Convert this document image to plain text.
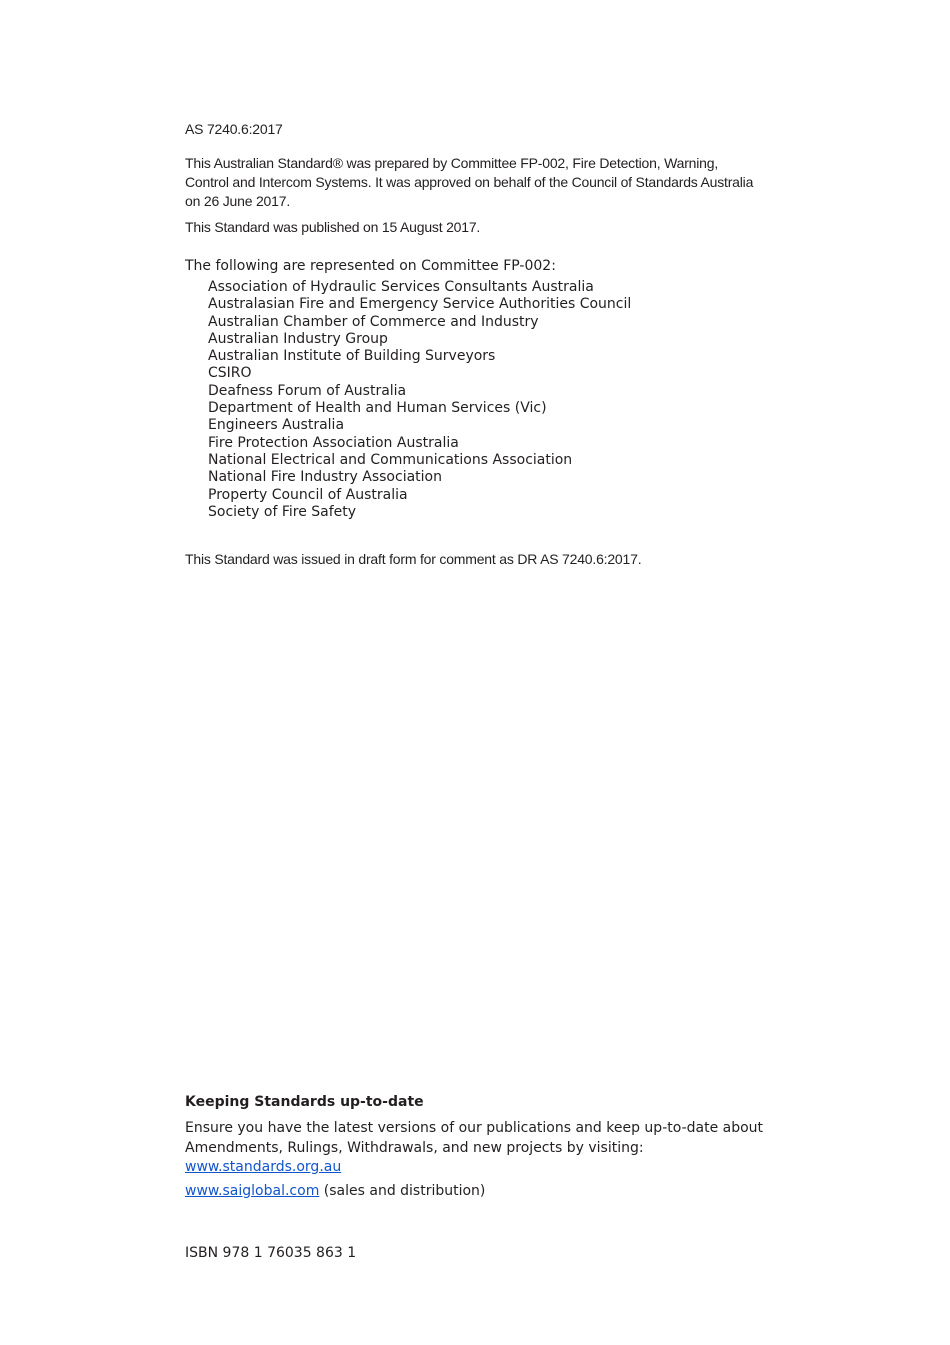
AS 7240.6:2017
This Australian Standard® was prepared by Committee FP-002, Fire Detection, Warning, Control and Intercom Systems. It was approved on behalf of the Council of Standards Australia on 26 June 2017.
This Standard was published on 15 August 2017.
The following are represented on Committee FP-002:
Association of Hydraulic Services Consultants Australia
Australasian Fire and Emergency Service Authorities Council
Australian Chamber of Commerce and Industry
Australian Industry Group
Australian Institute of Building Surveyors
CSIRO
Deafness Forum of Australia
Department of Health and Human Services (Vic)
Engineers Australia
Fire Protection Association Australia
National Electrical and Communications Association
National Fire Industry Association
Property Council of Australia
Society of Fire Safety
This Standard was issued in draft form for comment as DR AS 7240.6:2017.
Keeping Standards up-to-date
Ensure you have the latest versions of our publications and keep up-to-date about Amendments, Rulings, Withdrawals, and new projects by visiting:
www.standards.org.au
www.saiglobal.com (sales and distribution)
ISBN 978 1 76035 863 1
